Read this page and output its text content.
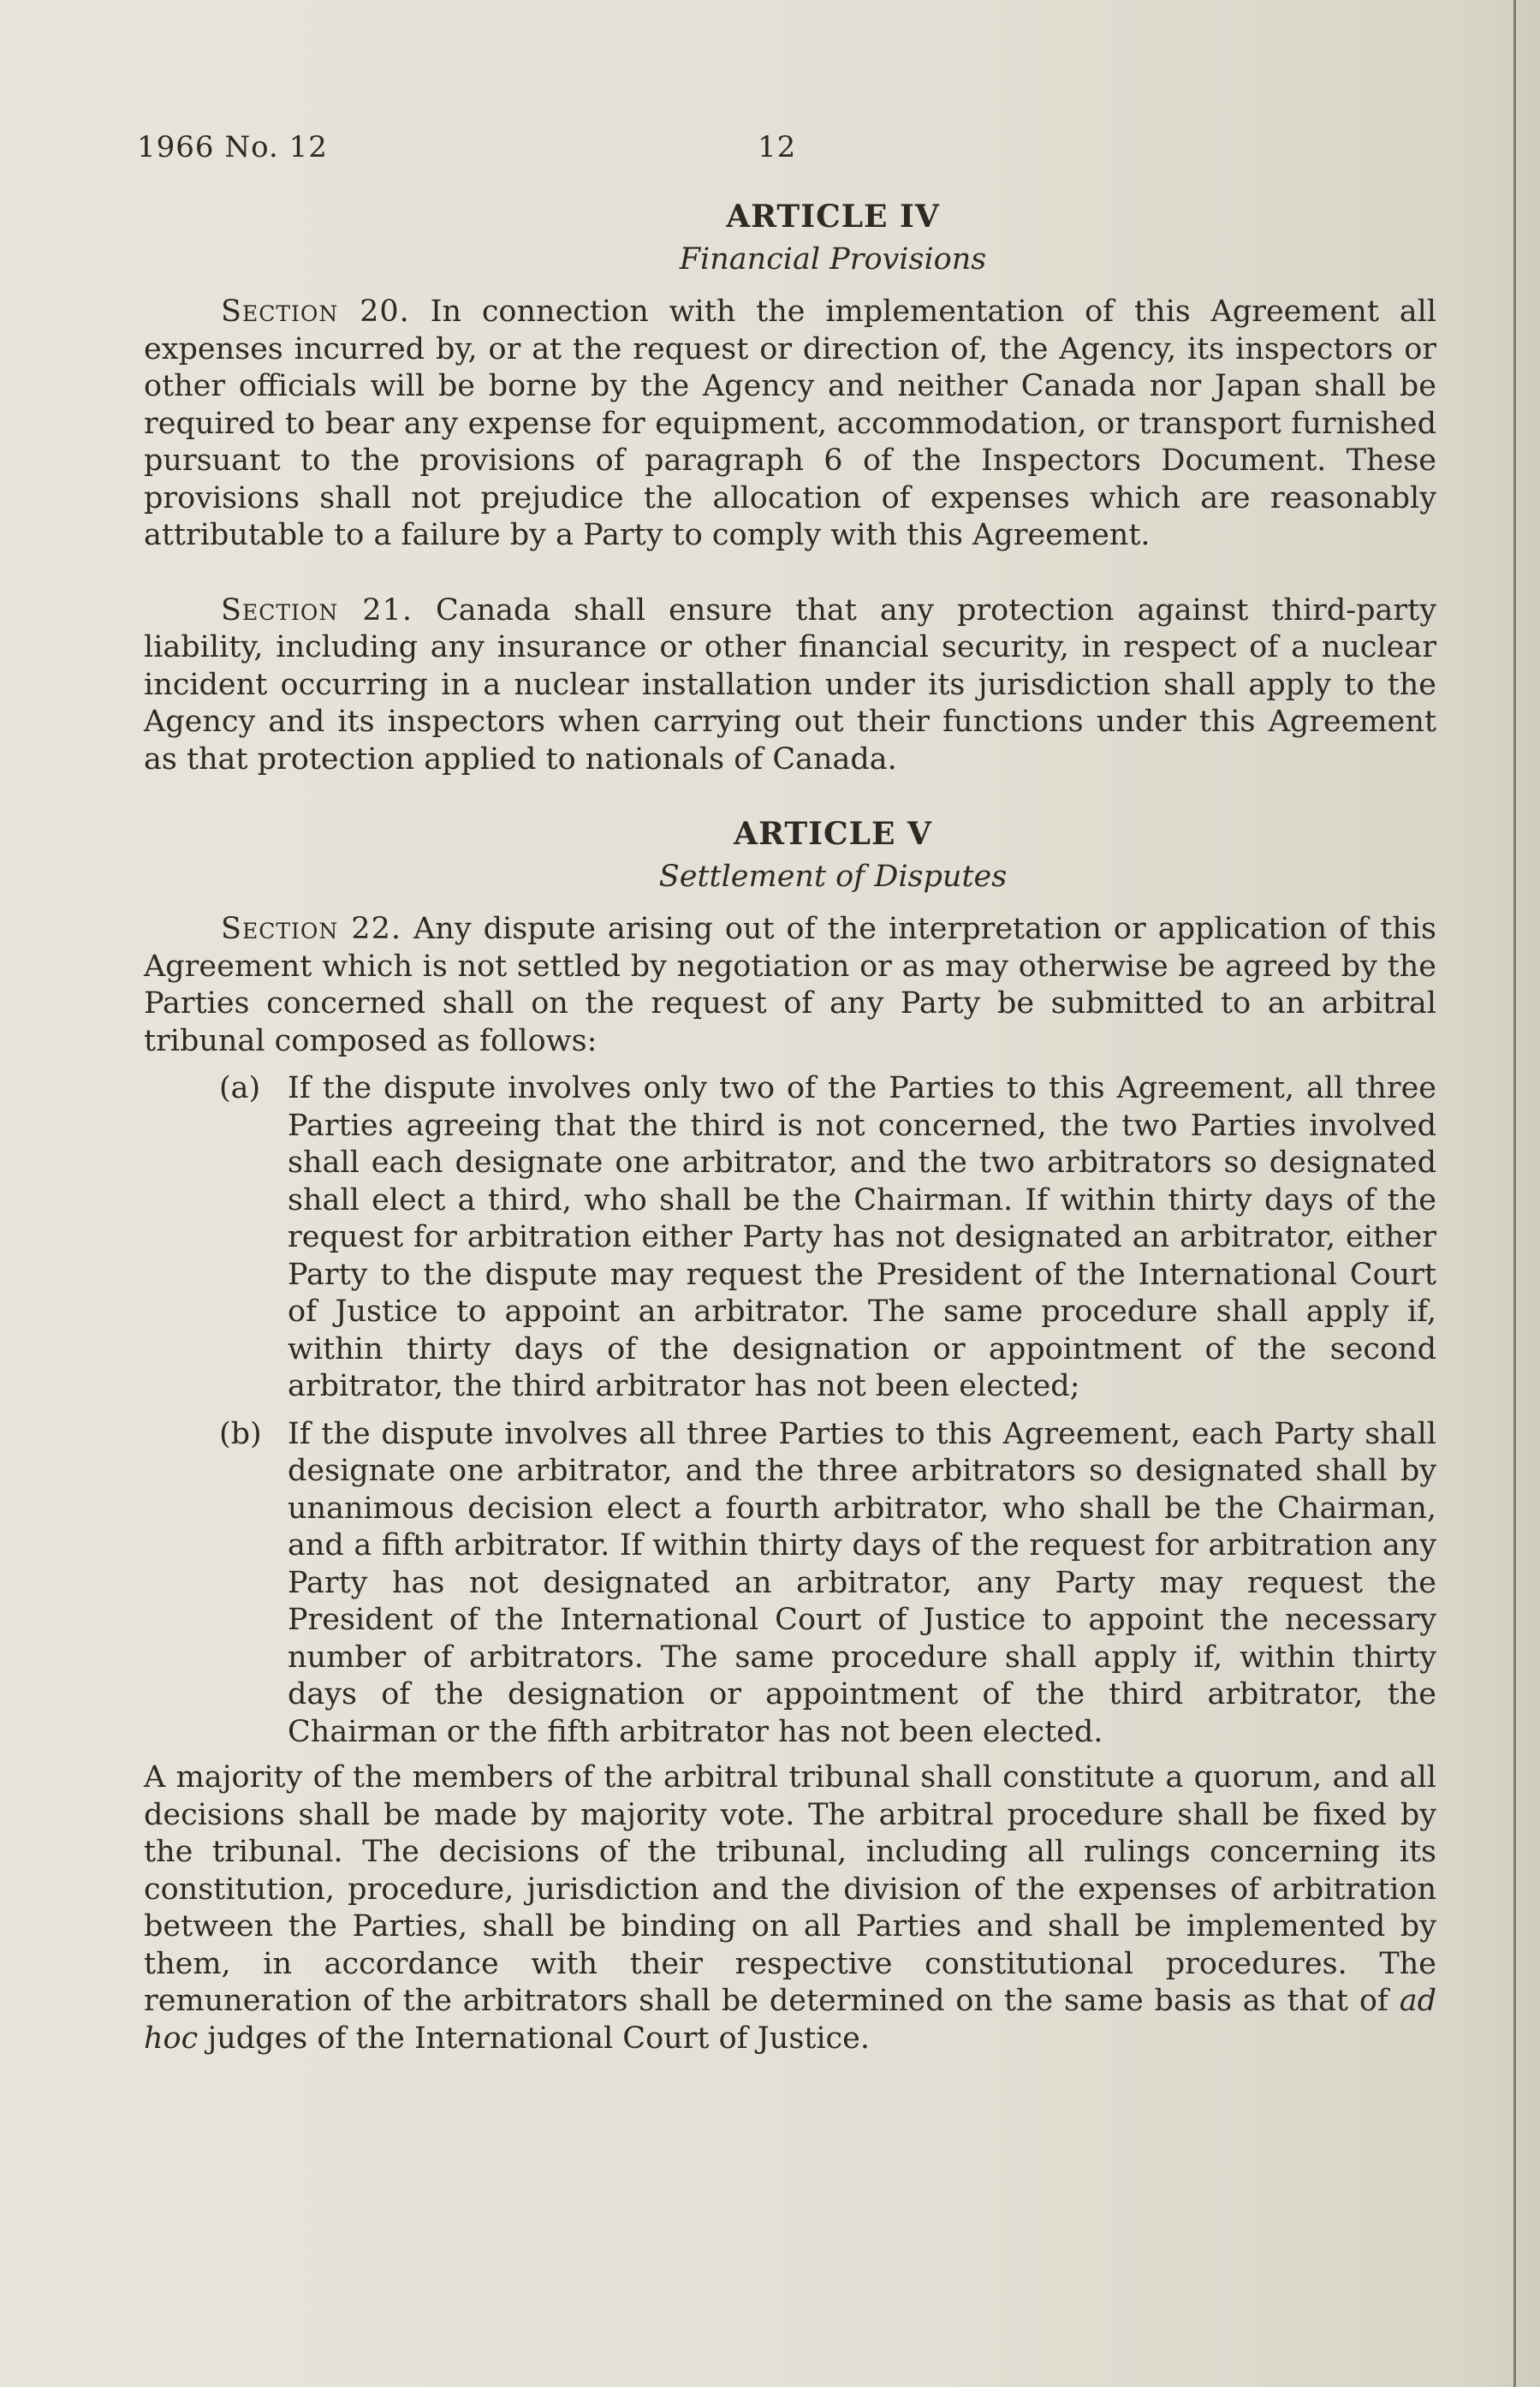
1966 No. 12	12
ARTICLE IV
Financial Provisions

Section 20. In connection with the implementation of this Agreement all expenses incurred by, or at the request or direction of, the Agency, its inspectors or other officials will be borne by the Agency and neither Canada nor Japan shall be required to bear any expense for equipment, accommodation, or transport furnished pursuant to the provisions of paragraph 6 of the Inspectors Document. These provisions shall not prejudice the allocation of expenses which are reasonably attributable to a failure by a Party to comply with this Agreement.

Section 21. Canada shall ensure that any protection against third-party liability, including any insurance or other financial security, in respect of a nuclear incident occurring in a nuclear installation under its jurisdiction shall apply to the Agency and its inspectors when carrying out their functions under this Agreement as that protection applied to nationals of Canada.

ARTICLE V
Settlement of Disputes

Section 22. Any dispute arising out of the interpretation or application of this Agreement which is not settled by negotiation or as may otherwise be agreed by the Parties concerned shall on the request of any Party be submitted to an arbitral tribunal composed as follows:

(a) If the dispute involves only two of the Parties to this Agreement, all three Parties agreeing that the third is not concerned, the two Parties involved shall each designate one arbitrator, and the two arbitrators so designated shall elect a third, who shall be the Chairman. If within thirty days of the request for arbitration either Party has not designated an arbitrator, either Party to the dispute may request the President of the International Court of Justice to appoint an arbitrator. The same procedure shall apply if, within thirty days of the designation or appointment of the second arbitrator, the third arbitrator has not been elected;

(b) If the dispute involves all three Parties to this Agreement, each Party shall designate one arbitrator, and the three arbitrators so designated shall by unanimous decision elect a fourth arbitrator, who shall be the Chairman, and a fifth arbitrator. If within thirty days of the request for arbitration any Party has not designated an arbitrator, any Party may request the President of the International Court of Justice to appoint the necessary number of arbitrators. The same procedure shall apply if, within thirty days of the designation or appointment of the third arbitrator, the Chairman or the fifth arbitrator has not been elected.

A majority of the members of the arbitral tribunal shall constitute a quorum, and all decisions shall be made by majority vote. The arbitral procedure shall be fixed by the tribunal. The decisions of the tribunal, including all rulings concerning its constitution, procedure, jurisdiction and the division of the expenses of arbitration between the Parties, shall be binding on all Parties and shall be implemented by them, in accordance with their respective constitutional procedures. The remuneration of the arbitrators shall be determined on the same basis as that of ad hoc judges of the International Court of Justice.
